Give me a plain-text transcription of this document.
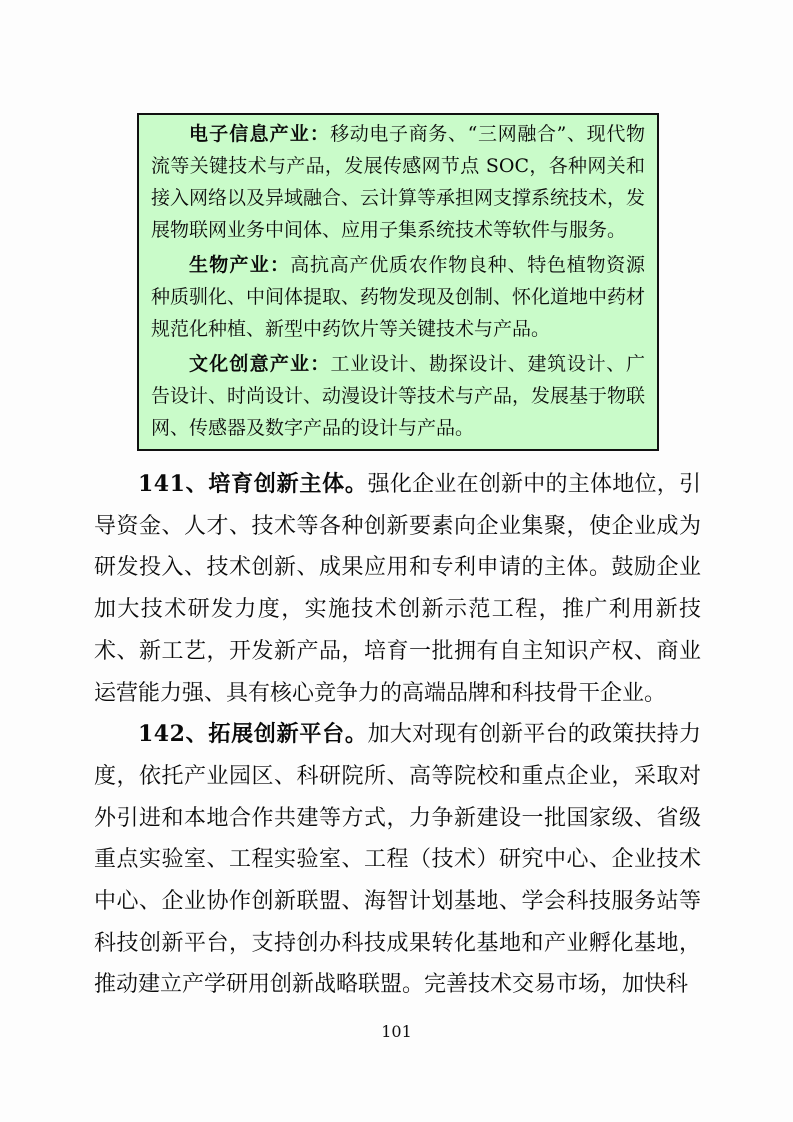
电子信息产业：移动电子商务、“三网融合”、现代物流等关键技术与产品，发展传感网节点 SOC，各种网关和接入网络以及异域融合、云计算等承担网支撑系统技术，发展物联网业务中间体、应用子集系统技术等软件与服务。

生物产业：高抗高产优质农作物良种、特色植物资源种质驯化、中间体提取、药物发现及创制、怀化道地中药材规范化种植、新型中药饮片等关键技术与产品。

文化创意产业：工业设计、勘探设计、建筑设计、广告设计、时尚设计、动漫设计等技术与产品，发展基于物联网、传感器及数字产品的设计与产品。

141、培育创新主体。强化企业在创新中的主体地位，引导资金、人才、技术等各种创新要素向企业集聚，使企业成为研发投入、技术创新、成果应用和专利申请的主体。鼓励企业加大技术研发力度，实施技术创新示范工程，推广利用新技术、新工艺，开发新产品，培育一批拥有自主知识产权、商业运营能力强、具有核心竞争力的高端品牌和科技骨干企业。

142、拓展创新平台。加大对现有创新平台的政策扶持力度，依托产业园区、科研院所、高等院校和重点企业，采取对外引进和本地合作共建等方式，力争新建设一批国家级、省级重点实验室、工程实验室、工程（技术）研究中心、企业技术中心、企业协作创新联盟、海智计划基地、学会科技服务站等科技创新平台，支持创办科技成果转化基地和产业孵化基地，推动建立产学研用创新战略联盟。完善技术交易市场，加快科

101
